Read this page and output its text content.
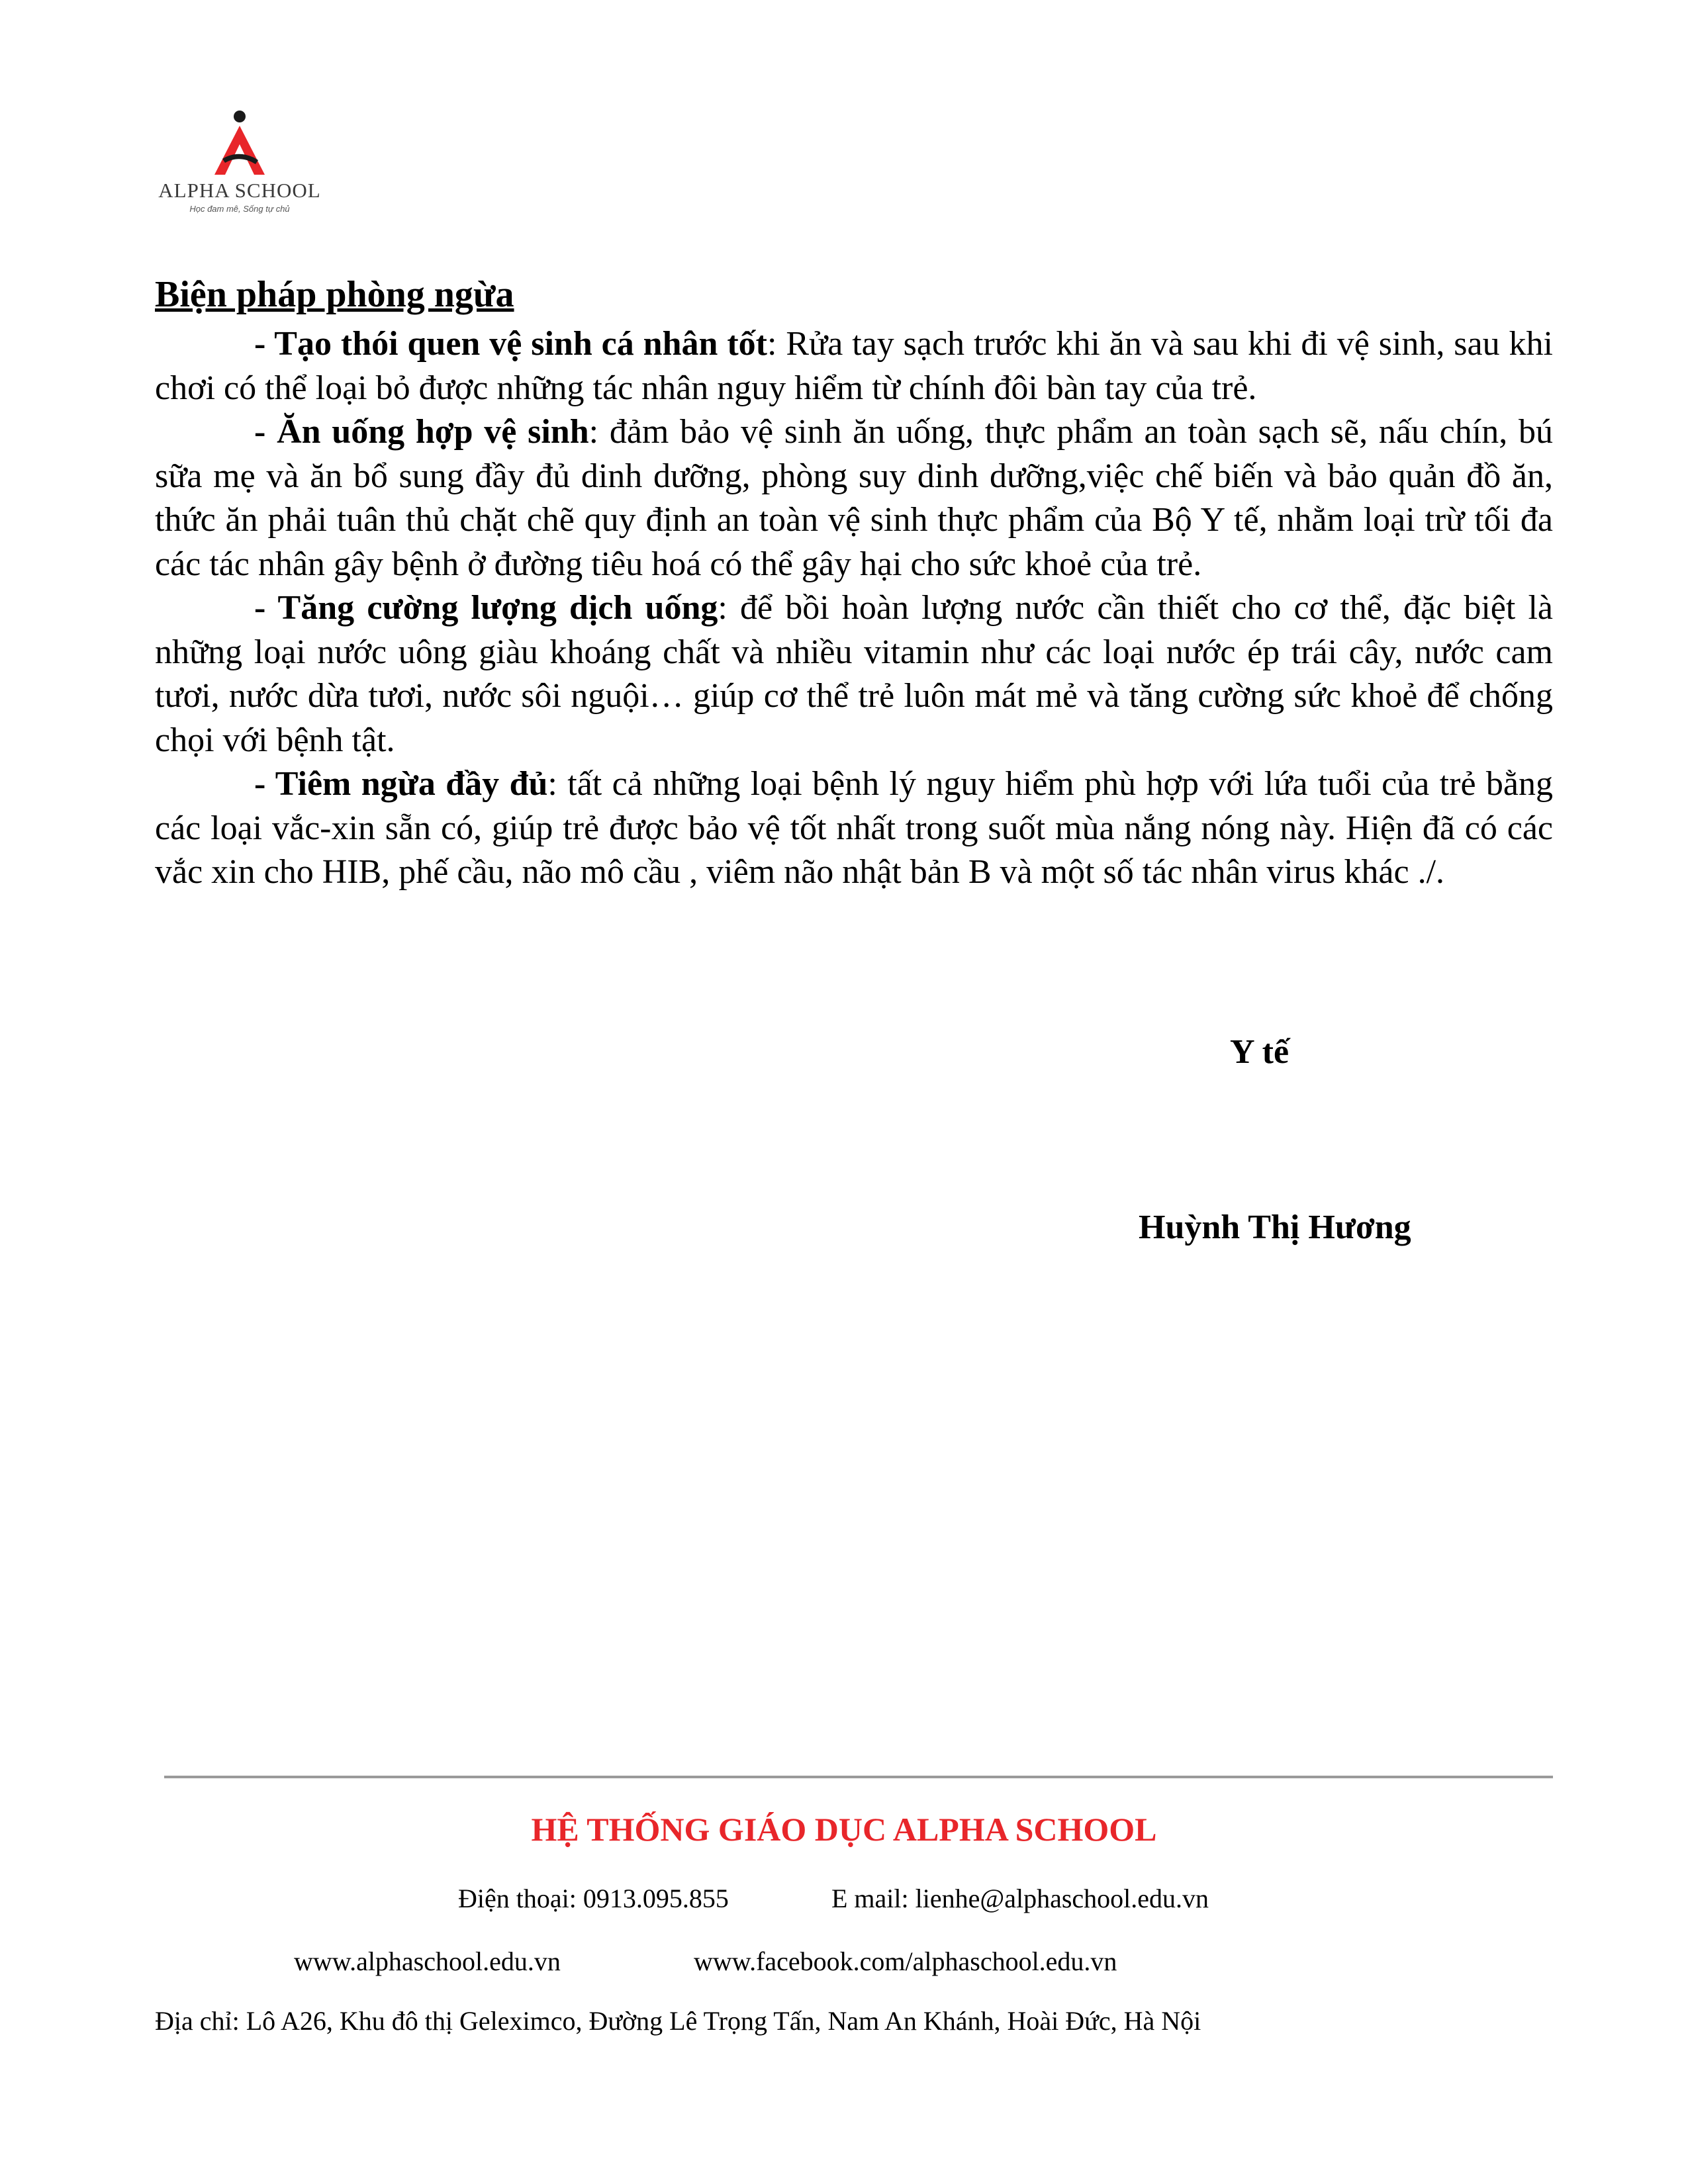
ALPHA SCHOOL
Học đam mê, Sống tự chủ
Biện pháp phòng ngừa

- Tạo thói quen vệ sinh cá nhân tốt: Rửa tay sạch trước khi ăn và sau khi đi vệ sinh, sau khi chơi có thể loại bỏ được những tác nhân nguy hiểm từ chính đôi bàn tay của trẻ.

- Ăn uống hợp vệ sinh: đảm bảo vệ sinh ăn uống, thực phẩm an toàn sạch sẽ, nấu chín, bú sữa mẹ và ăn bổ sung đầy đủ dinh dưỡng, phòng suy dinh dưỡng,việc chế biến và bảo quản đồ ăn, thức ăn phải tuân thủ chặt chẽ quy định an toàn vệ sinh thực phẩm của Bộ Y tế, nhằm loại trừ tối đa các tác nhân gây bệnh ở đường tiêu hoá có thể gây hại cho sức khoẻ của trẻ.

- Tăng cường lượng dịch uống: để bồi hoàn lượng nước cần thiết cho cơ thể, đặc biệt là những loại nước uông giàu khoáng chất và nhiều vitamin như các loại nước ép trái cây, nước cam tươi, nước dừa tươi, nước sôi nguội… giúp cơ thể trẻ luôn mát mẻ và tăng cường sức khoẻ để chống chọi với bệnh tật.

- Tiêm ngừa đầy đủ: tất cả những loại bệnh lý nguy hiểm phù hợp với lứa tuổi của trẻ bằng các loại vắc-xin sẵn có, giúp trẻ được bảo vệ tốt nhất trong suốt mùa nắng nóng này. Hiện đã có các vắc xin cho HIB, phế cầu, não mô cầu , viêm não nhật bản B và một số tác nhân virus khác ./.

Y tế
Huỳnh Thị Hương
HỆ THỐNG GIÁO DỤC ALPHA SCHOOL
Điện thoại: 0913.095.855	E mail: lienhe@alphaschool.edu.vn
www.alphaschool.edu.vn	www.facebook.com/alphaschool.edu.vn
Địa chỉ: Lô A26, Khu đô thị Geleximco, Đường Lê Trọng Tấn, Nam An Khánh, Hoài Đức, Hà Nội
